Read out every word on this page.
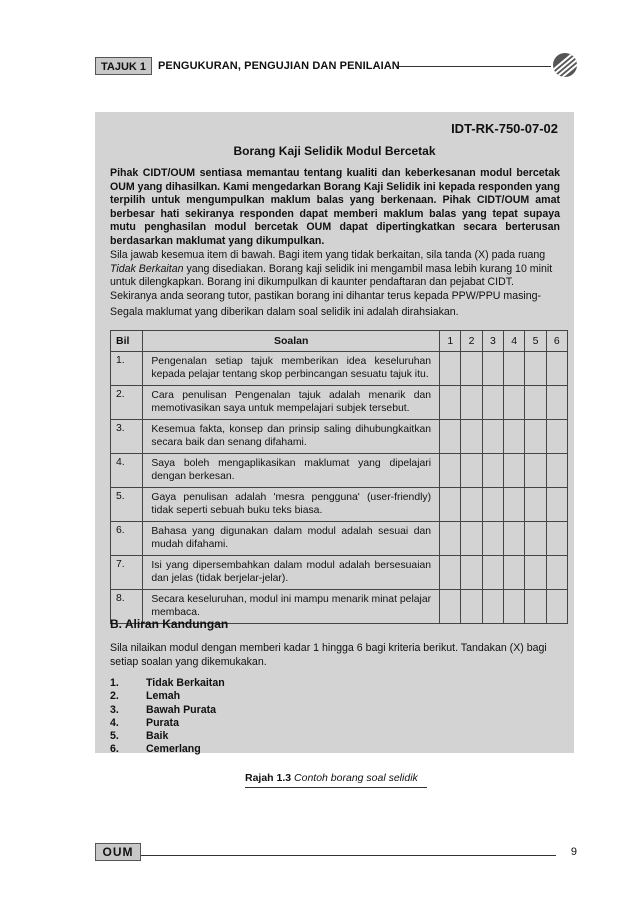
TAJUK 1	PENGUKURAN, PENGUJIAN DAN PENILAIAN
IDT-RK-750-07-02
Borang Kaji Selidik Modul Bercetak
Pihak CIDT/OUM sentiasa memantau tentang kualiti dan keberkesanan modul bercetak OUM yang dihasilkan. Kami mengedarkan Borang Kaji Selidik ini kepada responden yang terpilih untuk mengumpulkan maklum balas yang berkenaan. Pihak CIDT/OUM amat berbesar hati sekiranya responden dapat memberi maklum balas yang tepat supaya mutu penghasilan modul bercetak OUM dapat dipertingkatkan secara berterusan berdasarkan maklumat yang dikumpulkan.
Sila jawab kesemua item di bawah. Bagi item yang tidak berkaitan, sila tanda (X) pada ruang Tidak Berkaitan yang disediakan. Borang kaji selidik ini mengambil masa lebih kurang 10 minit untuk dilengkapkan. Borang ini dikumpulkan di kaunter pendaftaran dan pejabat CIDT. Sekiranya anda seorang tutor, pastikan borang ini dihantar terus kepada PPW/PPU masing-
Segala maklumat yang diberikan dalam soal selidik ini adalah dirahsiakan.
Bil	Soalan	1	2	3	4	5	6
1.	Pengenalan setiap tajuk memberikan idea keseluruhan kepada pelajar tentang skop perbincangan sesuatu tajuk itu.						
2.	Cara penulisan Pengenalan tajuk adalah menarik dan memotivasikan saya untuk mempelajari subjek tersebut.						
3.	Kesemua fakta, konsep dan prinsip saling dihubungkaitkan secara baik dan senang difahami.						
4.	Saya boleh mengaplikasikan maklumat yang dipelajari dengan berkesan.						
5.	Gaya penulisan adalah 'mesra pengguna' (user-friendly) tidak seperti sebuah buku teks biasa.						
6.	Bahasa yang digunakan dalam modul adalah sesuai dan mudah difahami.						
7.	Isi yang dipersembahkan dalam modul adalah bersesuaian dan jelas (tidak berjelar-jelar).						
8.	Secara keseluruhan, modul ini mampu menarik minat pelajar membaca.						
B. Aliran Kandungan
Sila nilaikan modul dengan memberi kadar 1 hingga 6 bagi kriteria berikut. Tandakan (X) bagi setiap soalan yang dikemukakan.
1.	Tidak Berkaitan
2.	Lemah
3.	Bawah Purata
4.	Purata
5.	Baik
6.	Cemerlang
Rajah 1.3 Contoh borang soal selidik
OUM	9
